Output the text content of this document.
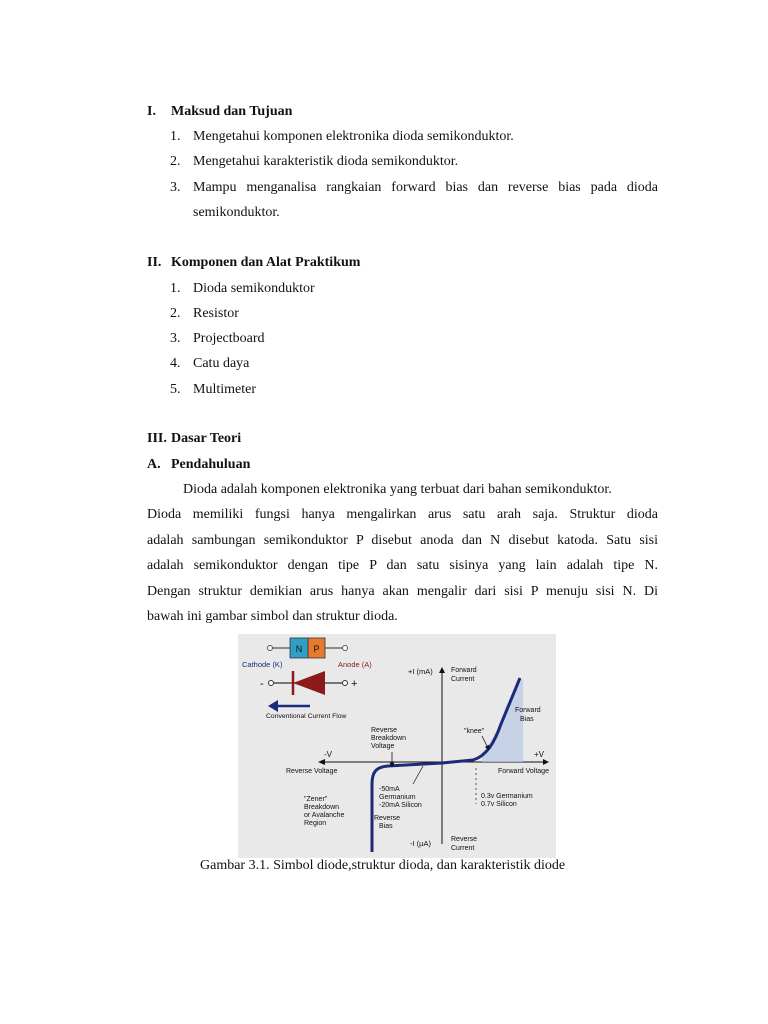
I. Maksud dan Tujuan
1. Mengetahui komponen elektronika dioda semikonduktor.
2. Mengetahui karakteristik dioda semikonduktor.
3. Mampu menganalisa rangkaian forward bias dan reverse bias pada dioda
semikonduktor.
II. Komponen dan Alat Praktikum
1. Dioda semikonduktor
2. Resistor
3. Projectboard
4. Catu daya
5. Multimeter
III. Dasar Teori
A. Pendahuluan
Dioda adalah komponen elektronika yang terbuat dari bahan semikonduktor.
Dioda memiliki fungsi hanya mengalirkan arus satu arah saja. Struktur dioda
adalah sambungan semikonduktor P disebut anoda dan N disebut katoda. Satu sisi
adalah semikonduktor dengan tipe P dan satu sisinya yang lain adalah tipe N.
Dengan struktur demikian arus hanya akan mengalir dari sisi P menuju sisi N. Di
bawah ini gambar simbol dan struktur dioda.
N P
Cathode (K)	Anode (A)
-	+
Conventional Current Flow
+I (mA)	Forward
Current
Forward
Bias
"knee"
Reverse
Breakdown
Voltage
-V	+V
Reverse Voltage	Forward Voltage
-50mA
Germanium
-20mA Silicon
0.3v Germanium
0.7v Silicon
"Zener"
Breakdown
or Avalanche
Region
Reverse
Bias
-I (µA)	Reverse
Current
Gambar 3.1. Simbol diode,struktur dioda, dan karakteristik diode
